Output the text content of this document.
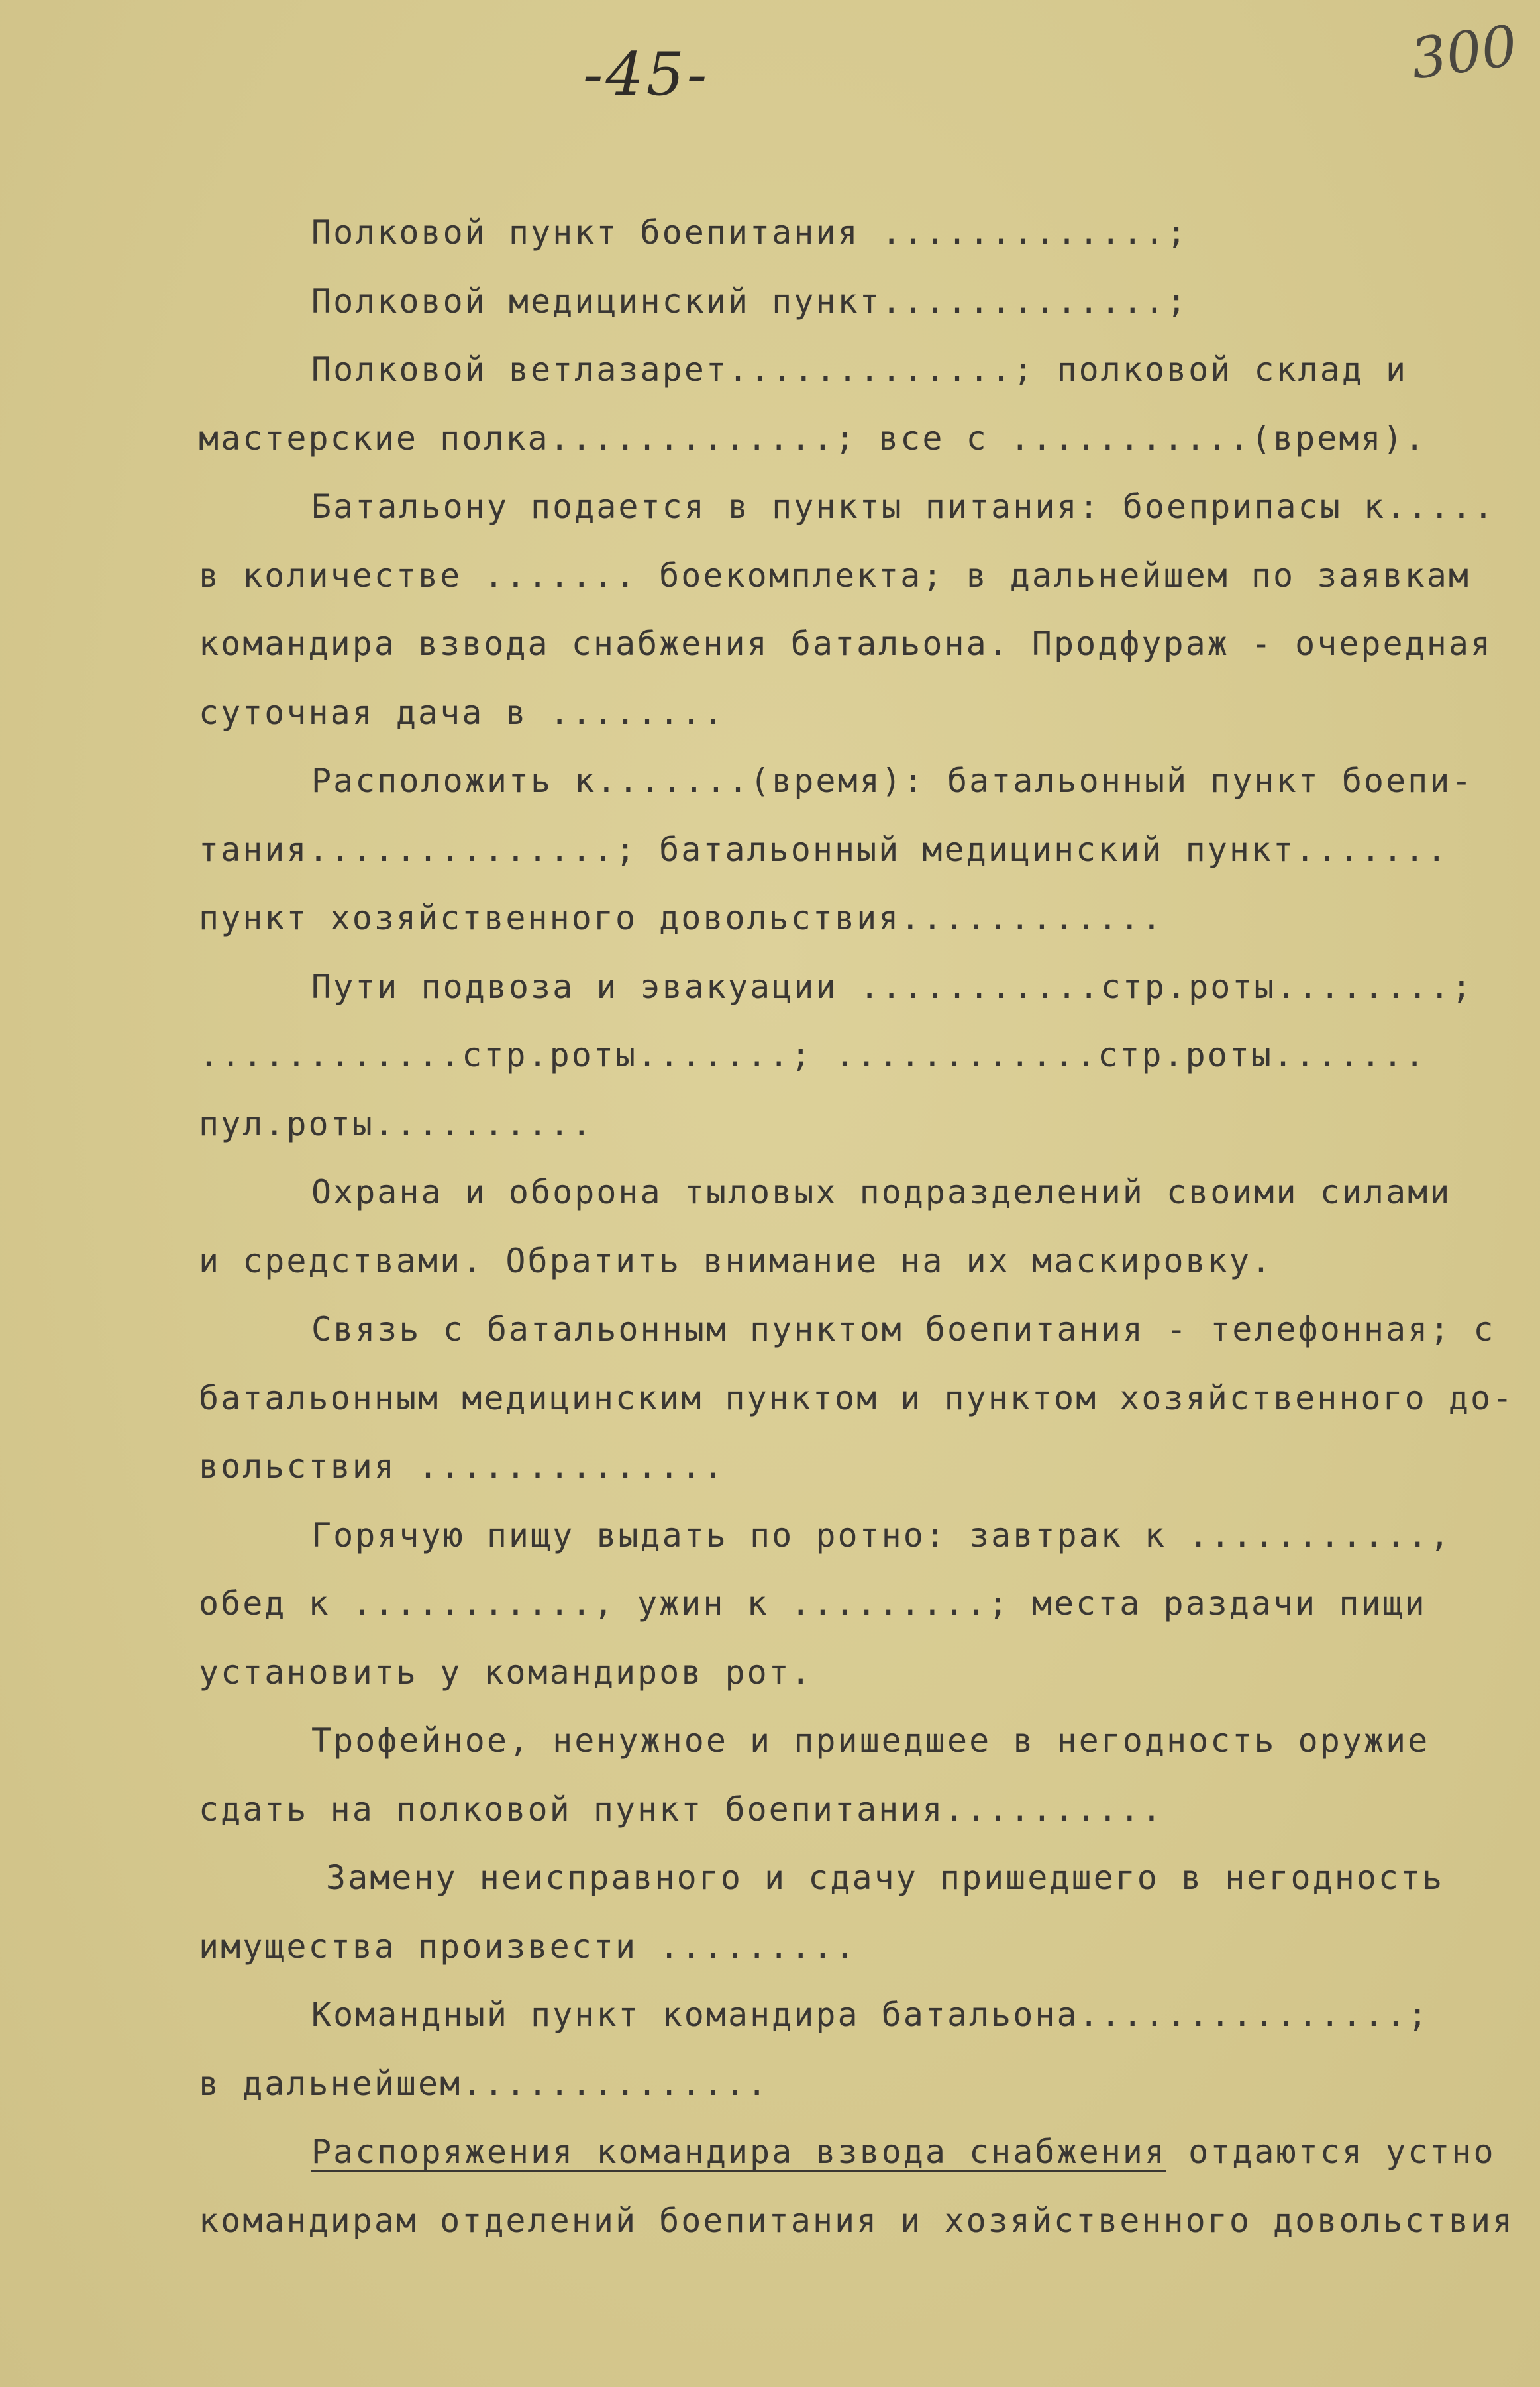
-45-	300
Полковой пункт боепитания .............;
Полковой медицинский пункт.............;
Полковой ветлазарет.............; полковой склад и
мастерские полка.............; все с ...........(время).
Батальону подается в пункты питания: боеприпасы к.....
в количестве ....... боекомплекта; в дальнейшем по заявкам
командира взвода снабжения батальона. Продфураж - очередная
суточная дача в ........
Расположить к.......(время): батальонный пункт боепи-
тания..............; батальонный медицинский пункт.......
пункт хозяйственного довольствия............
Пути подвоза и эвакуации ...........стр.роты........;
............стр.роты.......; ............стр.роты.......
пул.роты..........
Охрана и оборона тыловых подразделений своими силами
и средствами. Обратить внимание на их маскировку.
Связь с батальонным пунктом боепитания - телефонная; с
батальонным медицинским пунктом и пунктом хозяйственного до-
вольствия ..............
Горячую пищу выдать по ротно: завтрак к ...........,
обед к ..........., ужин к .........; места раздачи пищи
установить у командиров рот.
Трофейное, ненужное и пришедшее в негодность оружие
сдать на полковой пункт боепитания..........
Замену неисправного и сдачу пришедшего в негодность
имущества произвести .........
Командный пункт командира батальона...............;
в дальнейшем..............
Распоряжения командира взвода снабжения отдаются устно
командирам отделений боепитания и хозяйственного довольствия
